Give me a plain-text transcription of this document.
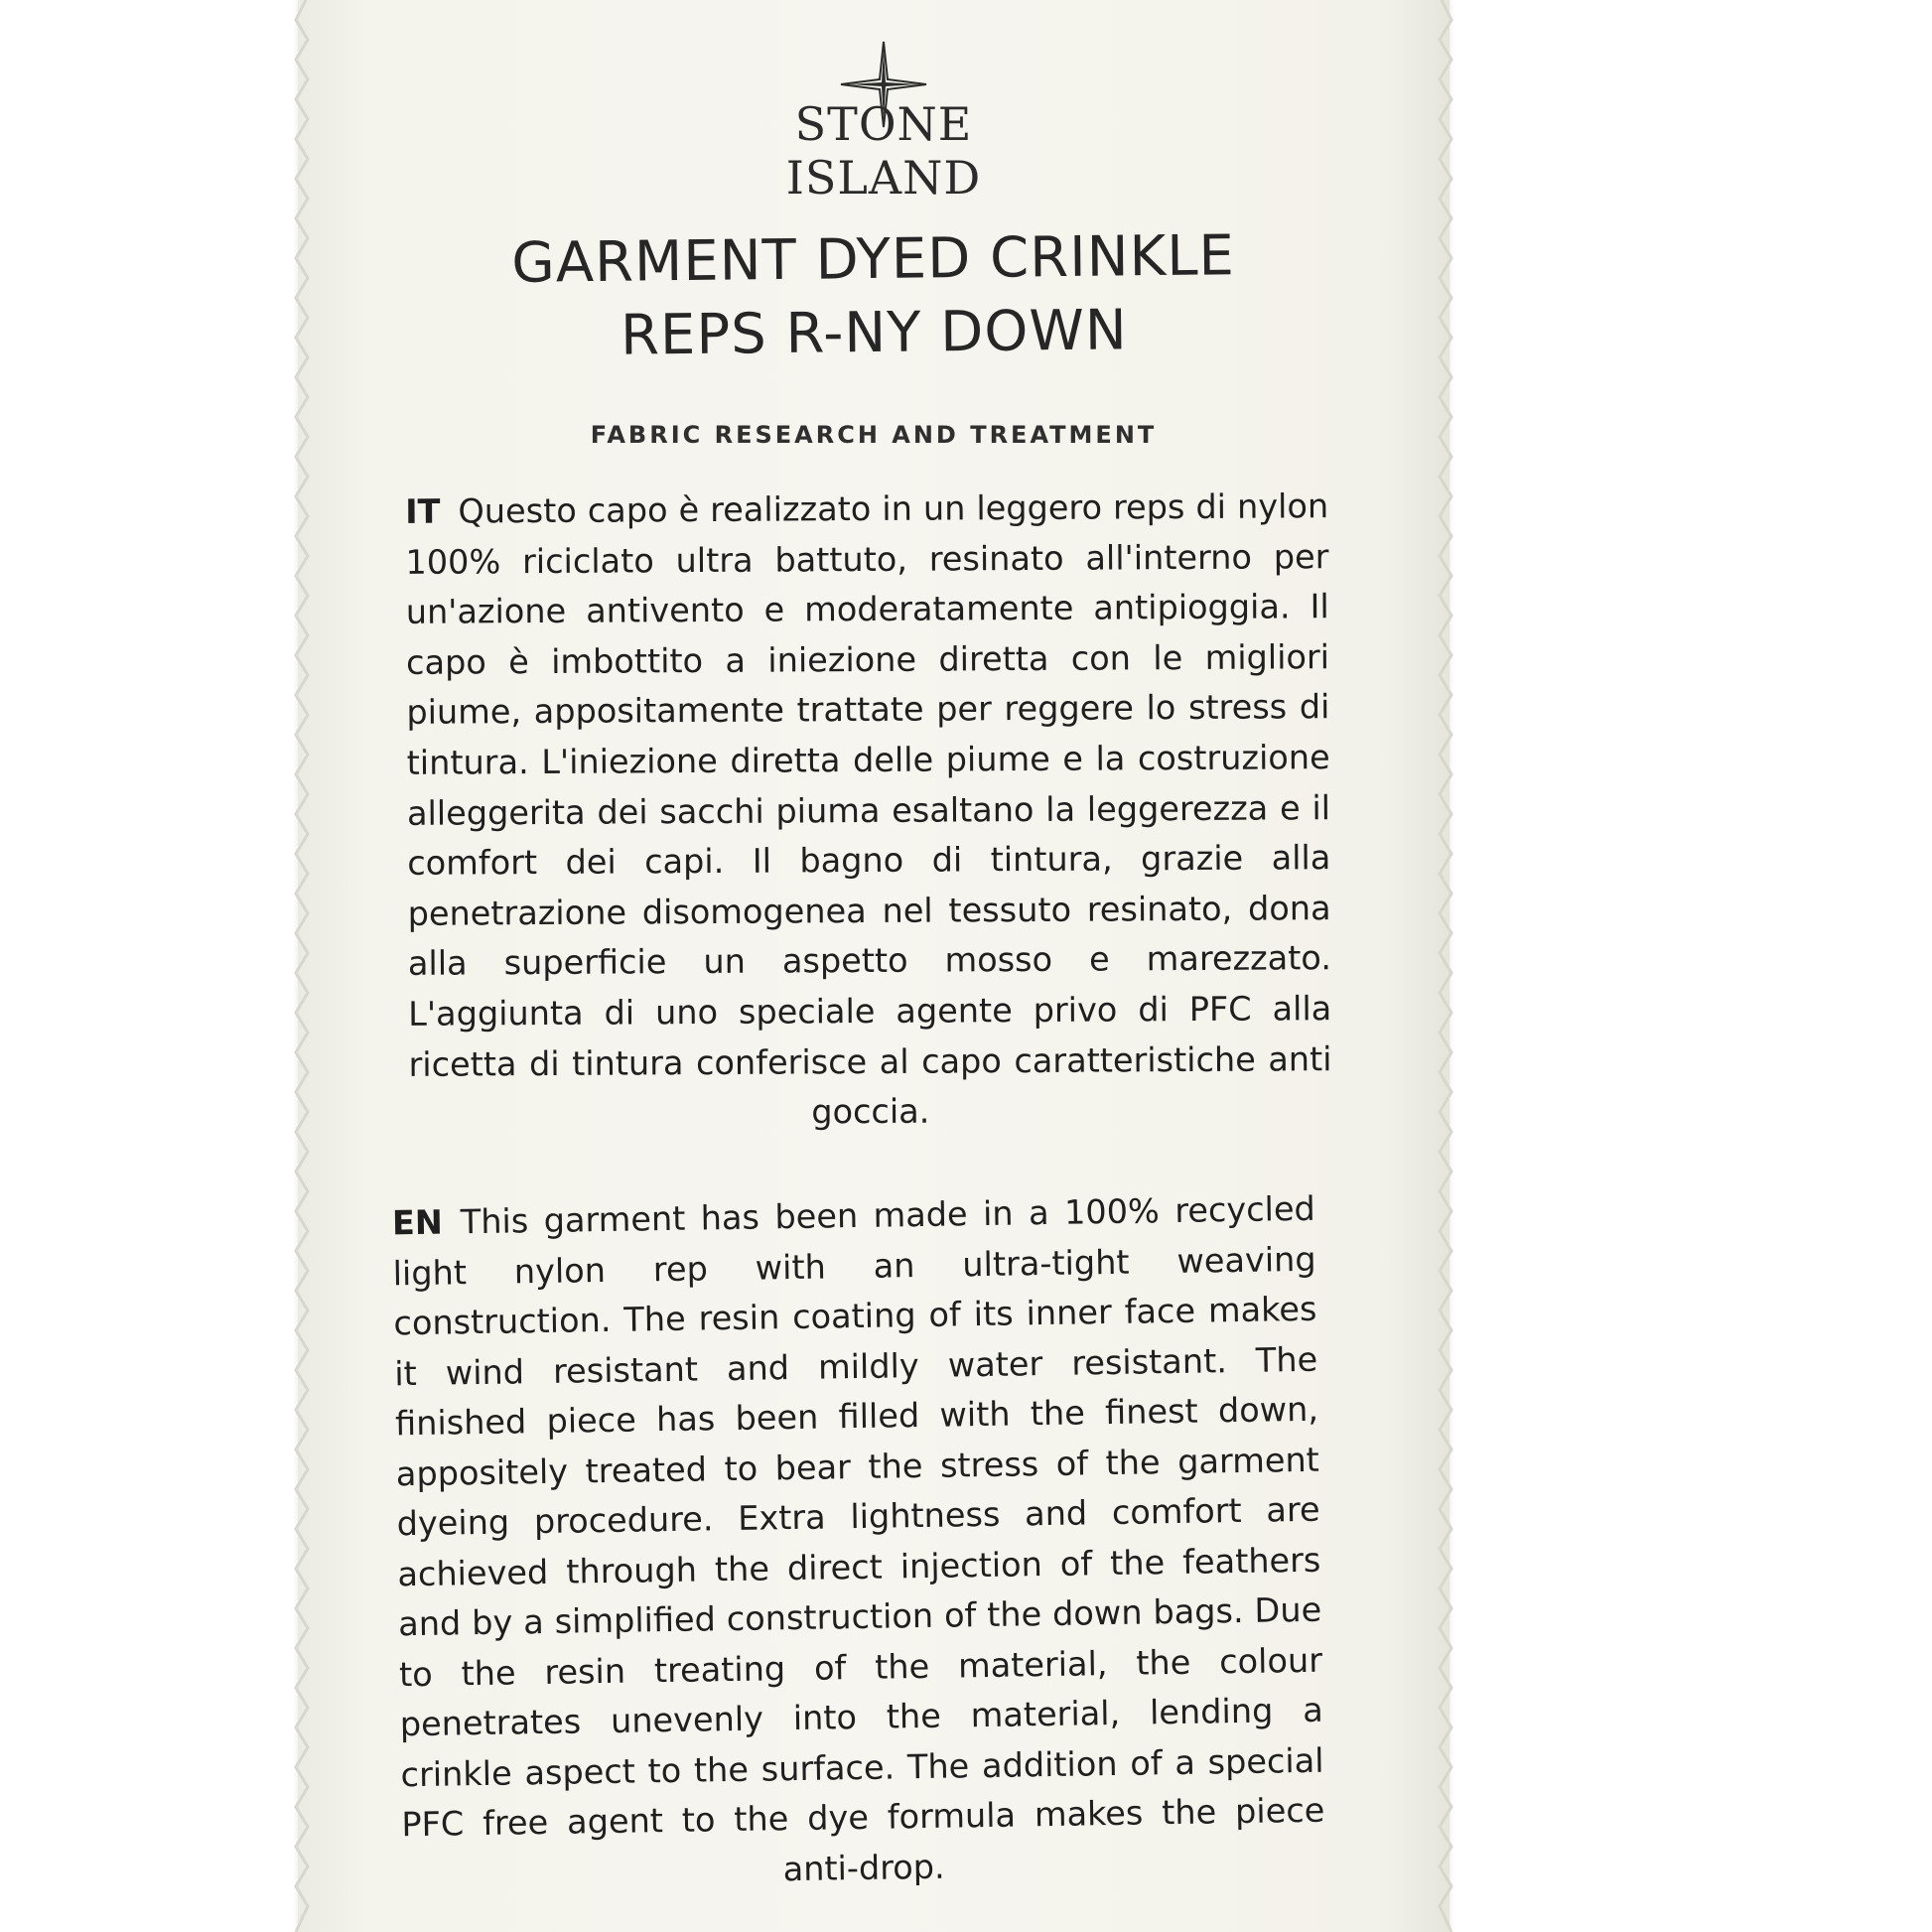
STONE ISLAND
GARMENT DYED CRINKLE
REPS R-NY DOWN
FABRIC RESEARCH AND TREATMENT
IT Questo capo è realizzato in un leggero reps di nylon 100% riciclato ultra battuto, resinato all'interno per un'azione antivento e moderatamente antipioggia. Il capo è imbottito a iniezione diretta con le migliori piume, appositamente trattate per reggere lo stress di tintura. L'iniezione diretta delle piume e la costruzione alleggerita dei sacchi piuma esaltano la leggerezza e il comfort dei capi. Il bagno di tintura, grazie alla penetrazione disomogenea nel tessuto resinato, dona alla superficie un aspetto mosso e marezzato. L'aggiunta di uno speciale agente privo di PFC alla ricetta di tintura conferisce al capo caratteristiche anti goccia.
EN This garment has been made in a 100% recycled light nylon rep with an ultra-tight weaving construction. The resin coating of its inner face makes it wind resistant and mildly water resistant. The finished piece has been filled with the finest down, appositely treated to bear the stress of the garment dyeing procedure. Extra lightness and comfort are achieved through the direct injection of the feathers and by a simplified construction of the down bags. Due to the resin treating of the material, the colour penetrates unevenly into the material, lending a crinkle aspect to the surface. The addition of a special PFC free agent to the dye formula makes the piece anti-drop.
